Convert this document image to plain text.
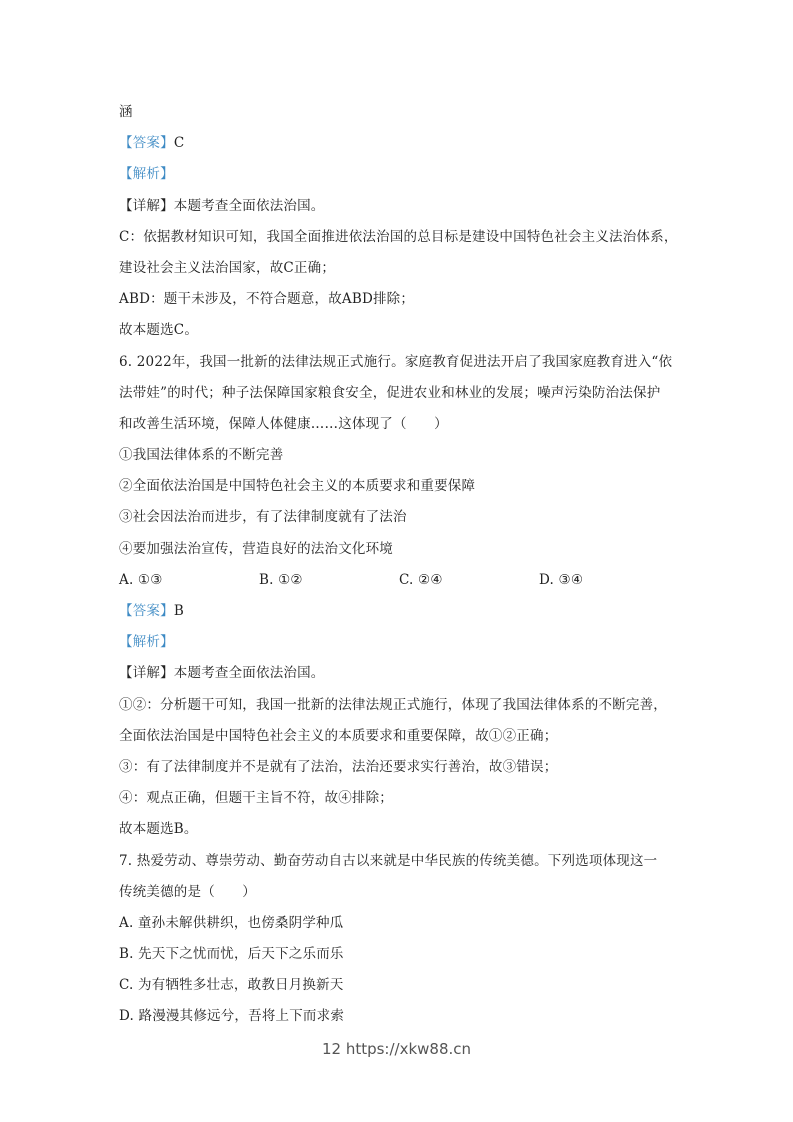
涵
【答案】C
【解析】
【详解】本题考查全面依法治国。
C：依据教材知识可知，我国全面推进依法治国的总目标是建设中国特色社会主义法治体系，
建设社会主义法治国家，故C正确；
ABD：题干未涉及，不符合题意，故ABD排除；
故本题选C。
6. 2022年，我国一批新的法律法规正式施行。家庭教育促进法开启了我国家庭教育进入“依
法带娃”的时代；种子法保障国家粮食安全，促进农业和林业的发展；噪声污染防治法保护
和改善生活环境，保障人体健康……这体现了（　　）
①我国法律体系的不断完善
②全面依法治国是中国特色社会主义的本质要求和重要保障
③社会因法治而进步，有了法律制度就有了法治
④要加强法治宣传，营造良好的法治文化环境
A. ①③	B. ①②	C. ②④	D. ③④
【答案】B
【解析】
【详解】本题考查全面依法治国。
①②：分析题干可知，我国一批新的法律法规正式施行，体现了我国法律体系的不断完善，
全面依法治国是中国特色社会主义的本质要求和重要保障，故①②正确；
③：有了法律制度并不是就有了法治，法治还要求实行善治，故③错误；
④：观点正确，但题干主旨不符，故④排除；
故本题选B。
7. 热爱劳动、尊崇劳动、勤奋劳动自古以来就是中华民族的传统美德。下列选项体现这一
传统美德的是（　　）
A. 童孙未解供耕织，也傍桑阴学种瓜
B. 先天下之忧而忧，后天下之乐而乐
C. 为有牺牲多壮志，敢教日月换新天
D. 路漫漫其修远兮，吾将上下而求索
12 https://xkw88.cn
